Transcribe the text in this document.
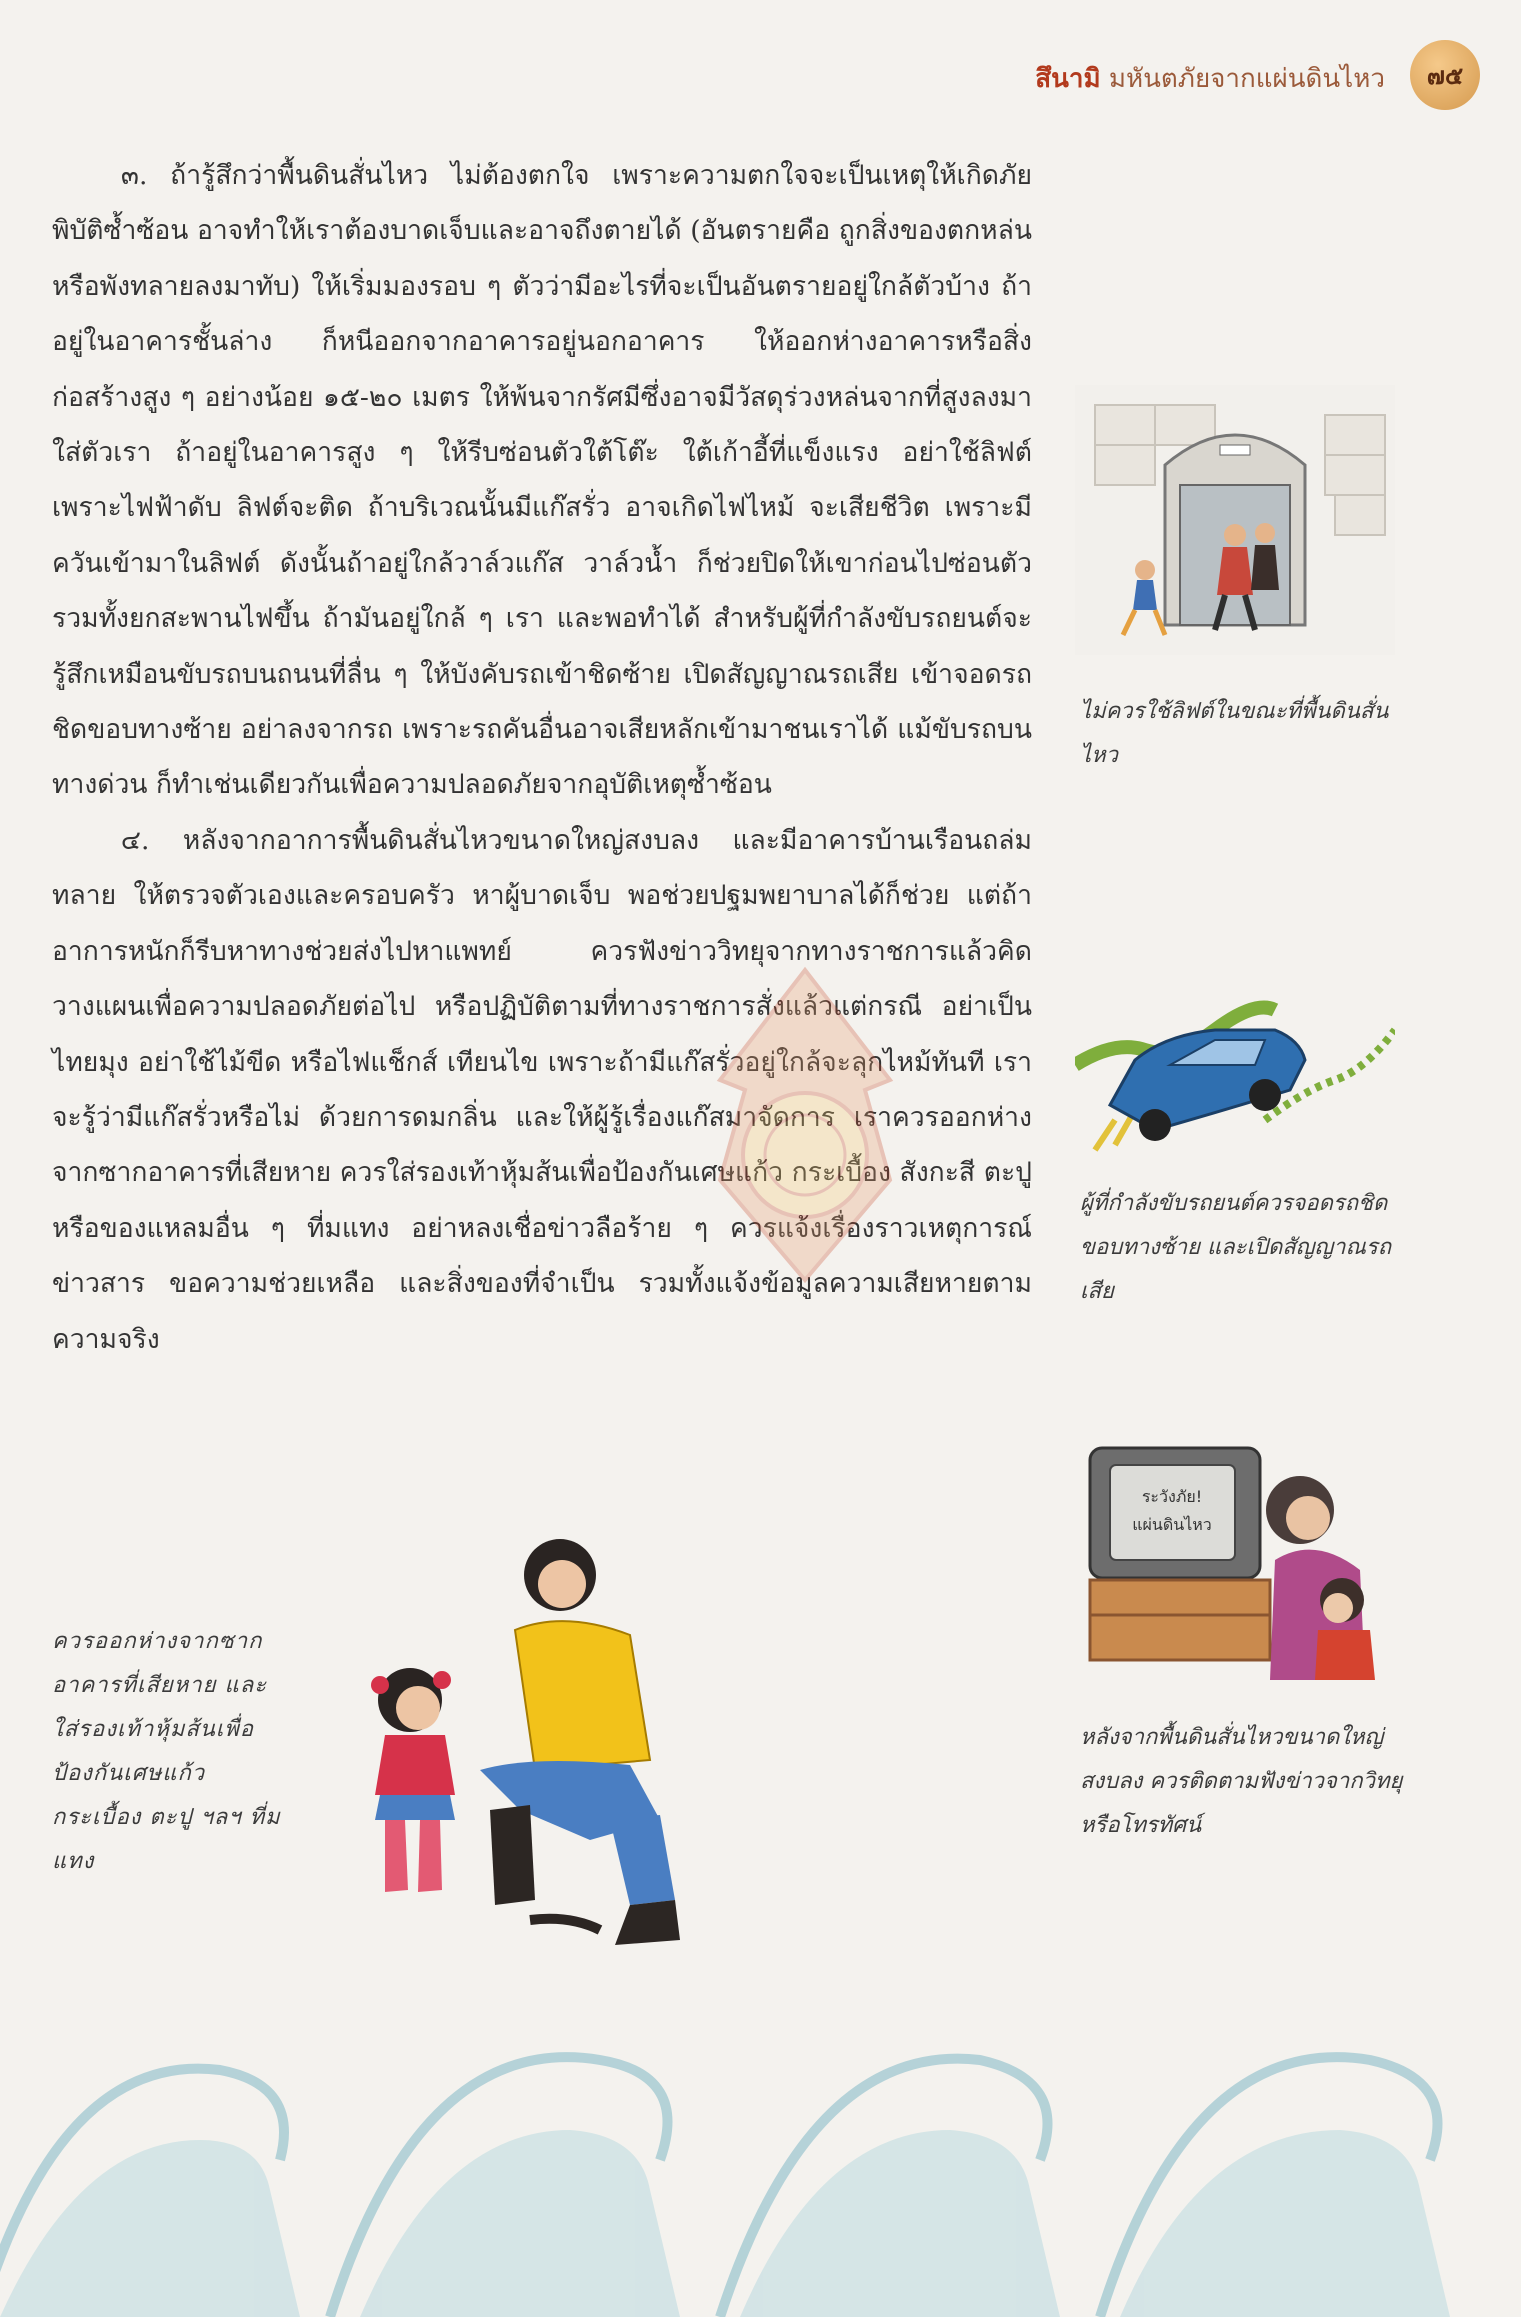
สึนามิ มหันตภัยจากแผ่นดินไหว	๗๕

๓. ถ้ารู้สึกว่าพื้นดินสั่นไหว ไม่ต้องตกใจ เพราะความตกใจจะเป็นเหตุให้เกิดภัยพิบัติซ้ำซ้อน อาจทำให้เราต้องบาดเจ็บและอาจถึงตายได้ (อันตรายคือ ถูกสิ่งของตกหล่นหรือพังทลายลงมาทับ) ให้เริ่มมองรอบ ๆ ตัวว่ามีอะไรที่จะเป็นอันตรายอยู่ใกล้ตัวบ้าง ถ้าอยู่ในอาคารชั้นล่าง ก็หนีออกจากอาคารอยู่นอกอาคาร ให้ออกห่างอาคารหรือสิ่งก่อสร้างสูง ๆ อย่างน้อย ๑๕-๒๐ เมตร ให้พ้นจากรัศมีซึ่งอาจมีวัสดุร่วงหล่นจากที่สูงลงมาใส่ตัวเรา ถ้าอยู่ในอาคารสูง ๆ ให้รีบซ่อนตัวใต้โต๊ะ ใต้เก้าอี้ที่แข็งแรง อย่าใช้ลิฟต์ เพราะไฟฟ้าดับ ลิฟต์จะติด ถ้าบริเวณนั้นมีแก๊สรั่ว อาจเกิดไฟไหม้ จะเสียชีวิต เพราะมีควันเข้ามาในลิฟต์ ดังนั้นถ้าอยู่ใกล้วาล์วแก๊ส วาล์วน้ำ ก็ช่วยปิดให้เขาก่อนไปซ่อนตัว รวมทั้งยกสะพานไฟขึ้น ถ้ามันอยู่ใกล้ ๆ เรา และพอทำได้ สำหรับผู้ที่กำลังขับรถยนต์จะรู้สึกเหมือนขับรถบนถนนที่ลื่น ๆ ให้บังคับรถเข้าชิดซ้าย เปิดสัญญาณรถเสีย เข้าจอดรถชิดขอบทางซ้าย อย่าลงจากรถ เพราะรถคันอื่นอาจเสียหลักเข้ามาชนเราได้ แม้ขับรถบนทางด่วน ก็ทำเช่นเดียวกันเพื่อความปลอดภัยจากอุบัติเหตุซ้ำซ้อน

๔. หลังจากอาการพื้นดินสั่นไหวขนาดใหญ่สงบลง และมีอาคารบ้านเรือนถล่มทลาย ให้ตรวจตัวเองและครอบครัว หาผู้บาดเจ็บ พอช่วยปฐมพยาบาลได้ก็ช่วย แต่ถ้าอาการหนักก็รีบหาทางช่วยส่งไปหาแพทย์ ควรฟังข่าววิทยุจากทางราชการแล้วคิดวางแผนเพื่อความปลอดภัยต่อไป หรือปฏิบัติตามที่ทางราชการสั่งแล้วแต่กรณี อย่าเป็นไทยมุง อย่าใช้ไม้ขีด หรือไฟแช็กส์ เทียนไข เพราะถ้ามีแก๊สรั่วอยู่ใกล้จะลุกไหม้ทันที เราจะรู้ว่ามีแก๊สรั่วหรือไม่ ด้วยการดมกลิ่น และให้ผู้รู้เรื่องแก๊สมาจัดการ เราควรออกห่างจากซากอาคารที่เสียหาย ควรใส่รองเท้าหุ้มส้นเพื่อป้องกันเศษแก้ว กระเบื้อง สังกะสี ตะปูหรือของแหลมอื่น ๆ ที่มแทง อย่าหลงเชื่อข่าวลือร้าย ๆ ควรแจ้งเรื่องราวเหตุการณ์ ข่าวสาร ขอความช่วยเหลือ และสิ่งของที่จำเป็น รวมทั้งแจ้งข้อมูลความเสียหายตามความจริง

ไม่ควรใช้ลิฟต์ในขณะที่พื้นดินสั่นไหว
ผู้ที่กำลังขับรถยนต์ควรจอดรถชิดขอบทางซ้าย และเปิดสัญญาณรถเสีย
ระวังภัย!
แผ่นดินไหว
หลังจากพื้นดินสั่นไหวขนาดใหญ่สงบลง ควรติดตามฟังข่าวจากวิทยุหรือโทรทัศน์
ควรออกห่างจากซากอาคารที่เสียหาย และใส่รองเท้าหุ้มส้นเพื่อป้องกันเศษแก้ว กระเบื้อง ตะปู ฯลฯ ที่มแทง
